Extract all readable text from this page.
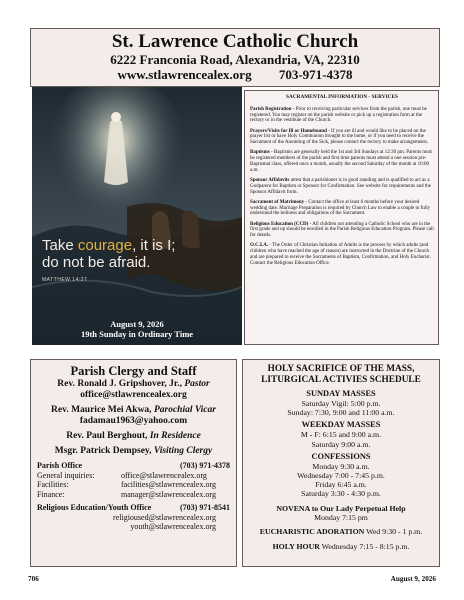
St. Lawrence Catholic Church
6222 Franconia Road, Alexandria, VA, 22310
www.stlawrencealex.org 703-971-4378
Take courage, it is I;
do not be afraid.
MATTHEW 14:27
August 9, 2026
19th Sunday in Ordinary Time
SACRAMENTAL INFORMATION - SERVICES

Parish Registration - Prior to receiving particular services from the parish, one must be registered. You may register on the parish website or pick up a registration form at the rectory or in the vestibule of the Church.

Prayers/Visits for Ill or Homebound - If you are ill and would like to be placed on the prayer list or have Holy Communion brought to the home, or if you need to receive the Sacrament of the Anointing of the Sick, please contact the rectory to make arrangements.

Baptisms - Baptisms are generally held the 1st and 3rd Sundays at 12:30 pm. Parents must be registered members of the parish and first time parents must attend a one session pre-Baptismal class, offered once a month, usually the second Saturday of the month at 10:00 a.m.

Sponsor Affidavits attest that a parishioner is in good standing and is qualified to act as a Godparent for Baptism or Sponsor for Confirmation. See website for requirements and the Sponsor Affidavit form.

Sacrament of Matrimony - Contact the office at least 6 months before your desired wedding date. Marriage Preparation is required by Church Law to enable a couple to fully understand the holiness and obligations of the Sacrament.

Religious Education (CCD) - All children not attending a Catholic School who are in the first grade and up should be enrolled in the Parish Religious Education Program. Please call for details.

O.C.I.A. - The Order of Christian Initiation of Adults is the process by which adults (and children who have reached the age of reason) are instructed in the Doctrine of the Church and are prepared to receive the Sacraments of Baptism, Confirmation, and Holy Eucharist. Contact the Religious Education Office.

Parish Clergy and Staff
Rev. Ronald J. Gripshover, Jr., Pastor
office@stlawrencealex.org
Rev. Maurice Mei Akwa, Parochial Vicar
fadamau1963@yahoo.com
Rev. Paul Berghout, In Residence
Msgr. Patrick Dempsey, Visiting Clergy
Parish Office	(703) 971-4378
General inquiries:	office@stlawrencealex.org
Facilities:	facilities@stlawrencealex.org
Finance:	manager@stlawrencealex.org
Religious Education/Youth Office	(703) 971-8541
religioused@stlawrencealex.org
youth@stlawrencealex.org
HOLY SACRIFICE OF THE MASS,
LITURGICAL ACTIVIES SCHEDULE
SUNDAY MASSES
Saturday Vigil: 5:00 p.m.
Sunday: 7:30, 9:00 and 11:00 a.m.
WEEKDAY MASSES
M - F: 6:15 and 9:00 a.m.
Saturday 9:00 a.m.
CONFESSIONS
Monday 9:30 a.m.
Wednesday 7:00 - 7:45 p.m.
Friday 6:45 a.m.
Saturday 3:30 - 4:30 p.m.
NOVENA to Our Lady Perpetual Help
Monday 7:15 pm
EUCHARISTIC ADORATION Wed 9:30 - 1 p.m.
HOLY HOUR Wednesday 7:15 - 8:15 p.m.
706	August 9, 2026
